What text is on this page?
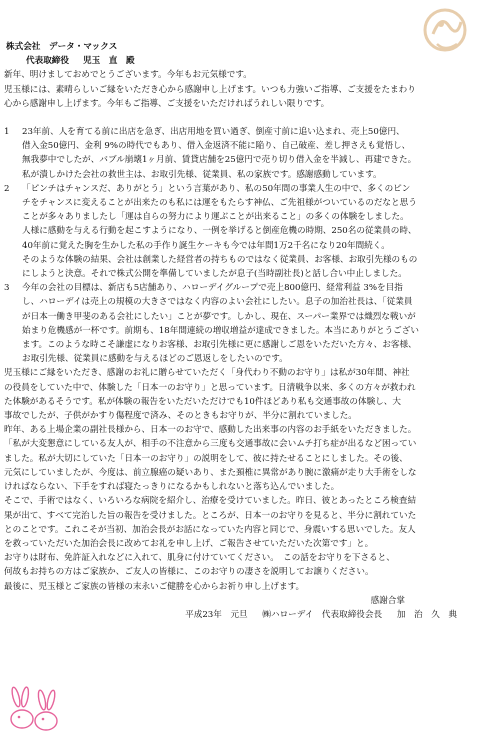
株式会社　データ・マックス
代表取締役 児玉　直　殿
新年、明けましておめでとうございます。今年もお元気様です。
児玉様には、素晴らしいご縁をいただき心から感謝申し上げます。いつも力強いご指導、ご支援をたまわり
心から感謝申し上げます。今年もご指導、ご支援をいただければうれしい限りです。
1	23年前、人を育てる前に出店を急ぎ、出店用地を買い過ぎ、倒産寸前に追い込まれ、売上50億円、
借入金50億円、金利 9%の時代でもあり、借入金返済不能に陥り、自己破産、差し押さえも覚悟し、
無我夢中でしたが、バブル崩壊1ヶ月前、賃貸店舗を25億円で売り切り借入金を半減し、再建できた。
私が潰しかけた会社の救世主は、お取引先様、従業員、私の家族です。感謝感動しています。
2	「ピンチはチャンスだ、ありがとう」という言葉があり、私の50年間の事業人生の中で、多くのピン
チをチャンスに変えることが出来たのも私には運をもたらす神仏、ご先祖様がついているのだなと思う
ことが多々ありましたし「運は自らの努力により運ぶことが出来ること」の多くの体験をしました。
人様に感動を与える行動を起こすようになり、一例を挙げると倒産危機の時期、250名の従業員の時、
40年前に覚えた胸を生かした私の手作り誕生ケーキも今では年間1万2千名になり20年間続く。
そのような体験の結果、会社は創業した経営者の持ちものではなく従業員、お客様、お取引先様のもの
にしようと決意。それで株式公開を準備していましたが息子(当時副社長)と話し合い中止しました。
3	今年の会社の目標は、新店も5店舗あり、ハローデイグループで売上800億円、経常利益 3%を目指
し、ハローデイは売上の規模の大きさではなく内容のよい会社にしたい。息子の加治社長は、「従業員
が日本一働き甲斐のある会社にしたい」ことが夢です。しかし、現在、スーパー業界では熾烈な戦いが
始まり危機感が一杯です。前期も、18年間連続の増収増益が達成できました。本当にありがとうござい
ます。このような時こそ謙虚になりお客様、お取引先様に更に感謝しご恩をいただいた方々、お客様、
お取引先様、従業員に感動を与えるほどのご恩返しをしたいのです。
児玉様にご縁をいただき、感謝のお礼に贈らせていただく「身代わり不動のお守り」は私が30年間、神社
の役員をしていた中で、体験した「日本一のお守り」と思っています。日清戦争以来、多くの方々が救われ
た体験があるそうです。私が体験の報告をいただいただけでも10件ほどあり私も交通事故の体験し、大
事故でしたが、子供がかすり傷程度で済み、そのときもお守りが、半分に割れていました。
昨年、ある上場企業の副社長様から、日本一のお守で、感動した出来事の内容のお手紙をいただきました。
「私が大変懇意にしている友人が、相手の不注意から三度も交通事故に会いムチ打ち症が出るなど困ってい
ました。私が大切にしていた「日本一のお守り」の説明をして、彼に持たせることにしました。その後、
元気にしていましたが、今度は、前立腺癌の疑いあり、また頚椎に異常があり腕に激痛が走り大手術をしな
ければならない、下手をすれば寝たっきりになるかもしれないと落ち込んでいました。
そこで、手術ではなく、いろいろな病院を紹介し、治療を受けていました。昨日、彼とあったところ検査結
果が出て、すべて完治した旨の報告を受けました。ところが、日本一のお守りを見ると、半分に割れていた
とのことです。これこそが当初、加治会長がお話になっていた内容と同じで、身震いする思いでした。友人
を救っていただいた加治会長に改めてお礼を申し上げ、ご報告させていただいた次第です」と。
お守りは財布、免許証入れなどに入れて、肌身に付けていてください。　この話をお守りを下さると、
何故もお持ちの方はご家族か、ご友人の皆様に、このお守りの凄さを説明してお譲りください。
最後に、児玉様とご家族の皆様の末永いご健勝を心からお祈り申し上げます。
感謝合掌
平成23年　元旦 ㈱ハローデイ　代表取締役会長 加　治　久　典
